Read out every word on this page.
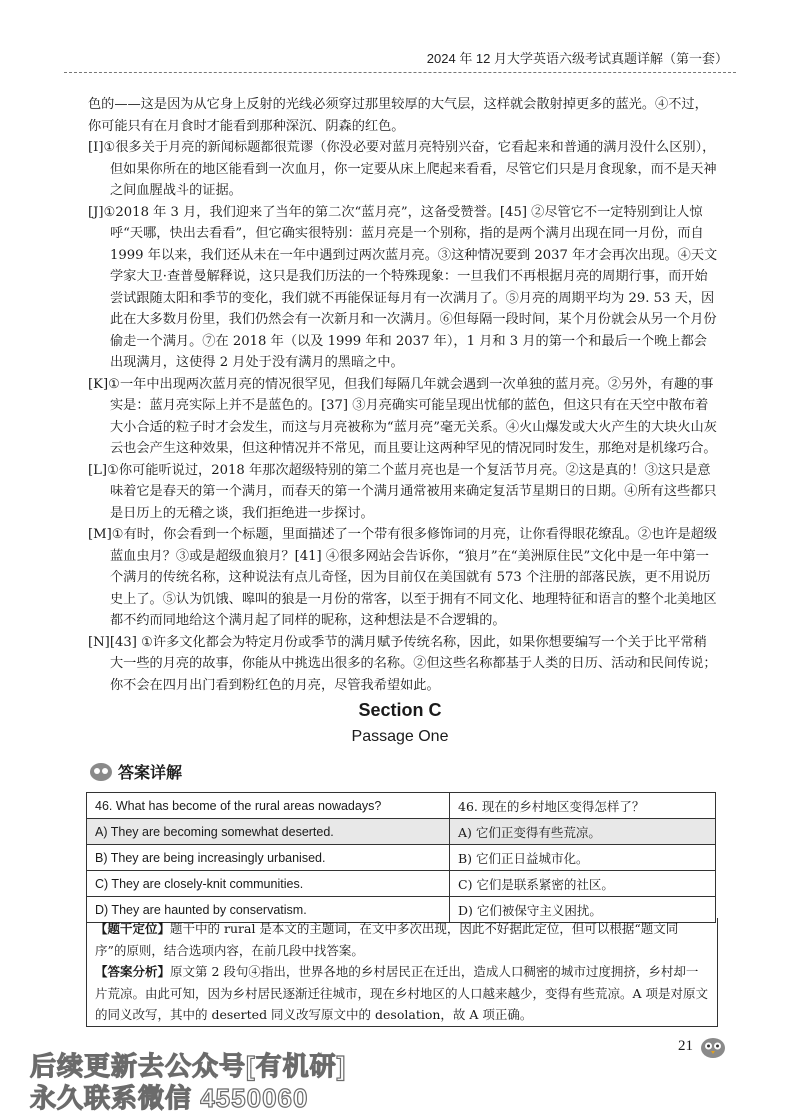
2024 年 12 月大学英语六级考试真题详解（第一套）

色的——这是因为从它身上反射的光线必须穿过那里较厚的大气层，这样就会散射掉更多的蓝光。④不过，你可能只有在月食时才能看到那种深沉、阴森的红色。

[I]①很多关于月亮的新闻标题都很荒谬（你没必要对蓝月亮特别兴奋，它看起来和普通的满月没什么区别），但如果你所在的地区能看到一次血月，你一定要从床上爬起来看看，尽管它们只是月食现象，而不是天神之间血腥战斗的证据。

[J]①2018 年 3 月，我们迎来了当年的第二次“蓝月亮”，这备受赞誉。[45] ②尽管它不一定特别到让人惊呼“天哪，快出去看看”，但它确实很特别：蓝月亮是一个别称，指的是两个满月出现在同一月份，而自 1999 年以来，我们还从未在一年中遇到过两次蓝月亮。③这种情况要到 2037 年才会再次出现。④天文学家大卫·查普曼解释说，这只是我们历法的一个特殊现象：一旦我们不再根据月亮的周期行事，而开始尝试跟随太阳和季节的变化，我们就不再能保证每月有一次满月了。⑤月亮的周期平均为 29. 53 天，因此在大多数月份里，我们仍然会有一次新月和一次满月。⑥但每隔一段时间，某个月份就会从另一个月份偷走一个满月。⑦在 2018 年（以及 1999 年和 2037 年），1 月和 3 月的第一个和最后一个晚上都会出现满月，这使得 2 月处于没有满月的黑暗之中。

[K]①一年中出现两次蓝月亮的情况很罕见，但我们每隔几年就会遇到一次单独的蓝月亮。②另外，有趣的事实是：蓝月亮实际上并不是蓝色的。[37] ③月亮确实可能呈现出忧郁的蓝色，但这只有在天空中散布着大小合适的粒子时才会发生，而这与月亮被称为“蓝月亮”毫无关系。④火山爆发或大火产生的大块火山灰云也会产生这种效果，但这种情况并不常见，而且要让这两种罕见的情况同时发生，那绝对是机缘巧合。

[L]①你可能听说过，2018 年那次超级特别的第二个蓝月亮也是一个复活节月亮。②这是真的！③这只是意味着它是春天的第一个满月，而春天的第一个满月通常被用来确定复活节星期日的日期。④所有这些都只是日历上的无稽之谈，我们拒绝进一步探讨。

[M]①有时，你会看到一个标题，里面描述了一个带有很多修饰词的月亮，让你看得眼花缭乱。②也许是超级蓝血虫月？③或是超级血狼月？[41] ④很多网站会告诉你，“狼月”在“美洲原住民”文化中是一年中第一个满月的传统名称，这种说法有点儿奇怪，因为目前仅在美国就有 573 个注册的部落民族，更不用说历史上了。⑤认为饥饿、嗥叫的狼是一月份的常客，以至于拥有不同文化、地理特征和语言的整个北美地区都不约而同地给这个满月起了同样的昵称，这种想法是不合逻辑的。

[N][43] ①许多文化都会为特定月份或季节的满月赋予传统名称，因此，如果你想要编写一个关于比平常稍大一些的月亮的故事，你能从中挑选出很多的名称。②但这些名称都基于人类的日历、活动和民间传说；你不会在四月出门看到粉红色的月亮，尽管我希望如此。

Section C
Passage One
答案详解
46. What has become of the rural areas nowadays?	46. 现在的乡村地区变得怎样了？
A) They are becoming somewhat deserted.	A) 它们正变得有些荒凉。
B) They are being increasingly urbanised.	B) 它们正日益城市化。
C) They are closely-knit communities.	C) 它们是联系紧密的社区。
D) They are haunted by conservatism.	D) 它们被保守主义困扰。

【题干定位】题干中的 rural 是本文的主题词，在文中多次出现，因此不好据此定位，但可以根据“题文同序”的原则，结合选项内容，在前几段中找答案。

【答案分析】原文第 2 段句④指出，世界各地的乡村居民正在迁出，造成人口稠密的城市过度拥挤，乡村却一片荒凉。由此可知，因为乡村居民逐渐迁往城市，现在乡村地区的人口越来越少，变得有些荒凉。A 项是对原文的同义改写，其中的 deserted 同义改写原文中的 desolation，故 A 项正确。

21
后续更新去公众号[有机研]
永久联系微信 4550060
